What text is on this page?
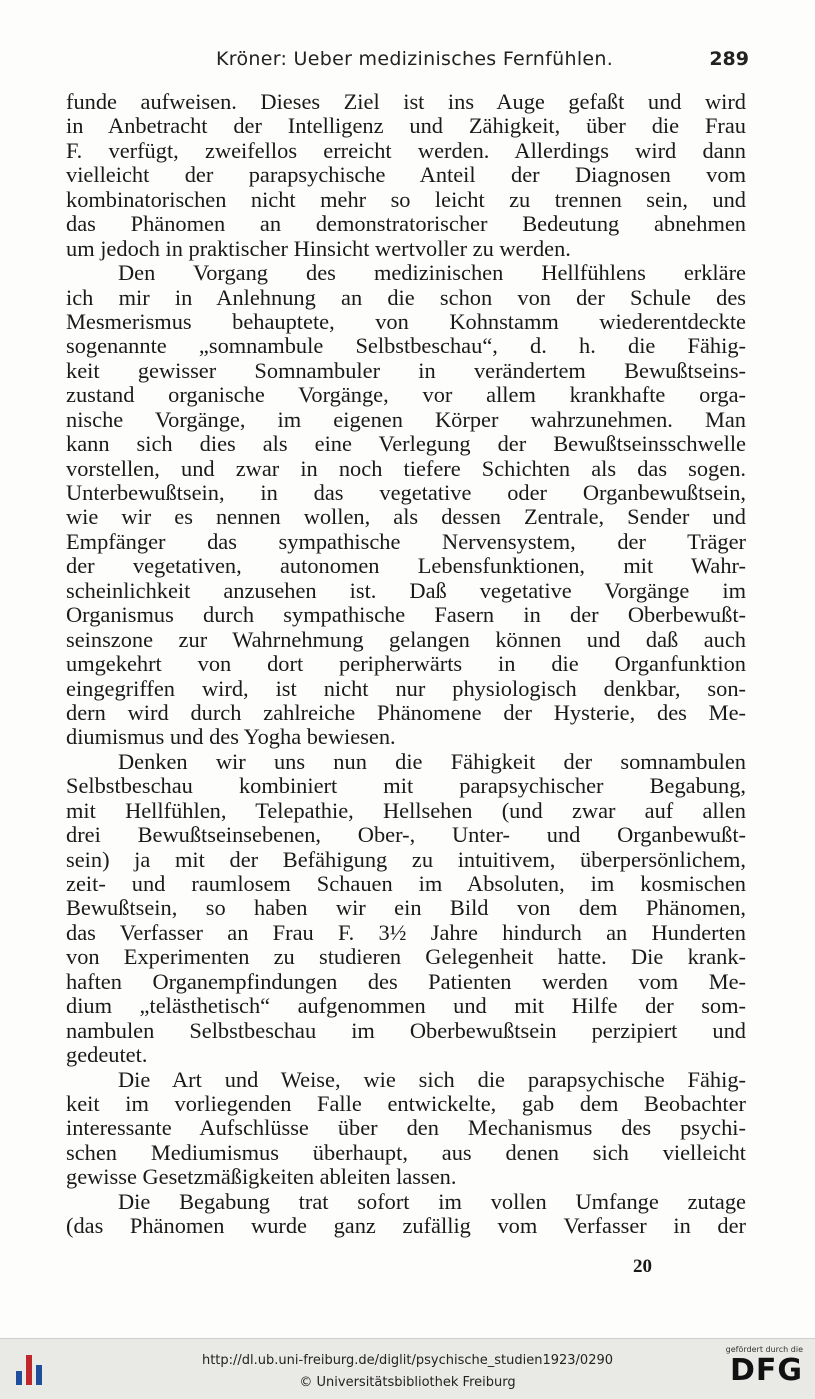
Kröner: Ueber medizinisches Fernfühlen.	289
funde aufweisen. Dieses Ziel ist ins Auge gefaßt und wird
in Anbetracht der Intelligenz und Zähigkeit, über die Frau
F. verfügt, zweifellos erreicht werden. Allerdings wird dann
vielleicht der parapsychische Anteil der Diagnosen vom
kombinatorischen nicht mehr so leicht zu trennen sein, und
das Phänomen an demonstratorischer Bedeutung abnehmen
um jedoch in praktischer Hinsicht wertvoller zu werden.
Den Vorgang des medizinischen Hellfühlens erkläre
ich mir in Anlehnung an die schon von der Schule des
Mesmerismus behauptete, von Kohnstamm wiederentdeckte
sogenannte „somnambule Selbstbeschau“, d. h. die Fähig-
keit gewisser Somnambuler in verändertem Bewußtseins-
zustand organische Vorgänge, vor allem krankhafte orga-
nische Vorgänge, im eigenen Körper wahrzunehmen. Man
kann sich dies als eine Verlegung der Bewußtseinsschwelle
vorstellen, und zwar in noch tiefere Schichten als das sogen.
Unterbewußtsein, in das vegetative oder Organbewußtsein,
wie wir es nennen wollen, als dessen Zentrale, Sender und
Empfänger das sympathische Nervensystem, der Träger
der vegetativen, autonomen Lebensfunktionen, mit Wahr-
scheinlichkeit anzusehen ist. Daß vegetative Vorgänge im
Organismus durch sympathische Fasern in der Oberbewußt-
seinszone zur Wahrnehmung gelangen können und daß auch
umgekehrt von dort peripherwärts in die Organfunktion
eingegriffen wird, ist nicht nur physiologisch denkbar, son-
dern wird durch zahlreiche Phänomene der Hysterie, des Me-
diumismus und des Yogha bewiesen.
Denken wir uns nun die Fähigkeit der somnambulen
Selbstbeschau kombiniert mit parapsychischer Begabung,
mit Hellfühlen, Telepathie, Hellsehen (und zwar auf allen
drei Bewußtseinsebenen, Ober-, Unter- und Organbewußt-
sein) ja mit der Befähigung zu intuitivem, überpersönlichem,
zeit- und raumlosem Schauen im Absoluten, im kosmischen
Bewußtsein, so haben wir ein Bild von dem Phänomen,
das Verfasser an Frau F. 3½ Jahre hindurch an Hunderten
von Experimenten zu studieren Gelegenheit hatte. Die krank-
haften Organempfindungen des Patienten werden vom Me-
dium „telästhetisch“ aufgenommen und mit Hilfe der som-
nambulen Selbstbeschau im Oberbewußtsein perzipiert und
gedeutet.
Die Art und Weise, wie sich die parapsychische Fähig-
keit im vorliegenden Falle entwickelte, gab dem Beobachter
interessante Aufschlüsse über den Mechanismus des psychi-
schen Mediumismus überhaupt, aus denen sich vielleicht
gewisse Gesetzmäßigkeiten ableiten lassen.
Die Begabung trat sofort im vollen Umfange zutage
(das Phänomen wurde ganz zufällig vom Verfasser in der
20
http://dl.ub.uni-freiburg.de/diglit/psychische_studien1923/0290
© Universitätsbibliothek Freiburg
gefördert durch die
DFG
